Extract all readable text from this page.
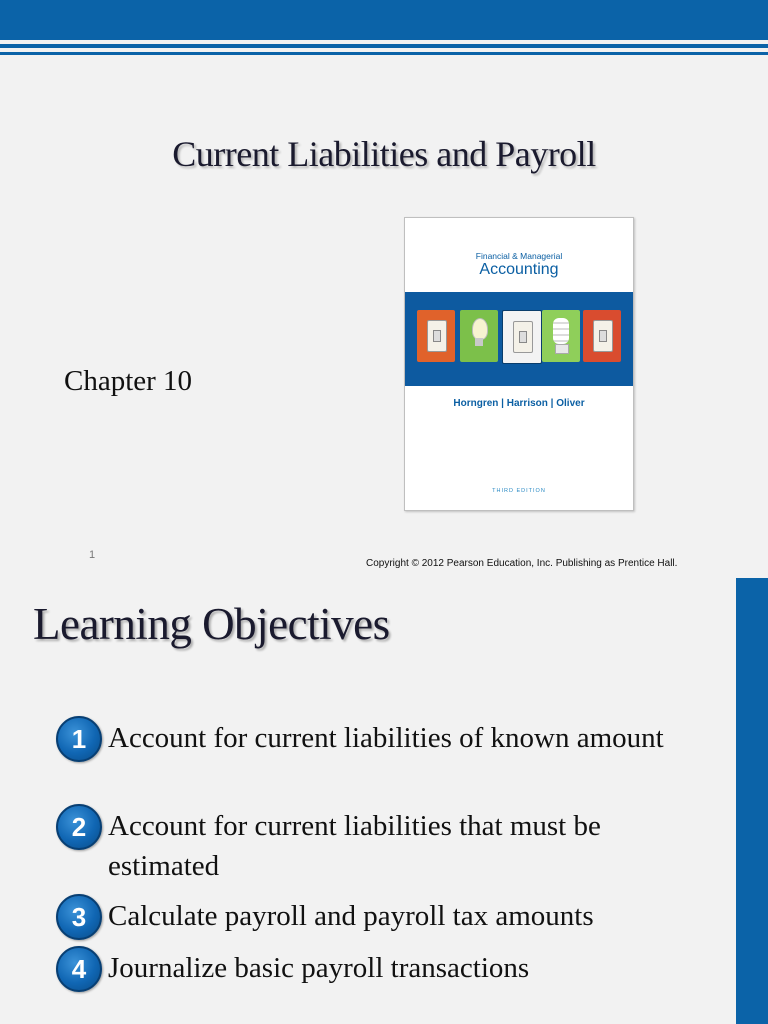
Current Liabilities and Payroll
Chapter 10
Financial & Managerial
Accounting
Horngren | Harrison | Oliver
THIRD EDITION
1
Copyright © 2012 Pearson Education, Inc. Publishing as Prentice Hall.
Learning Objectives
1 Account for current liabilities of known amount
2 Account for current liabilities that must be estimated
3 Calculate payroll and payroll tax amounts
4 Journalize basic payroll transactions
